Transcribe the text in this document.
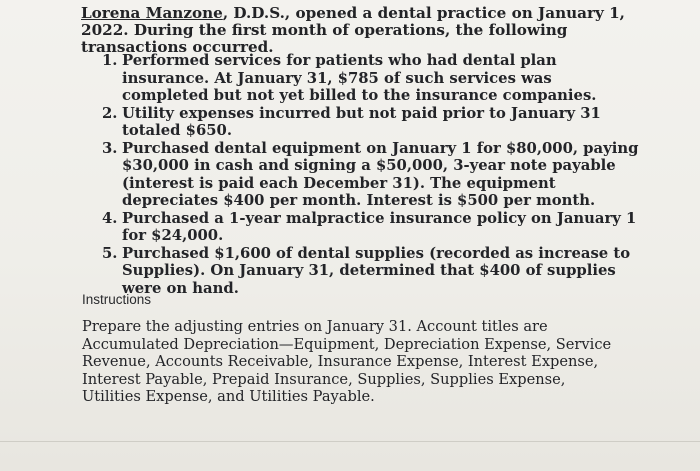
Lorena Manzone, D.D.S., opened a dental practice on January 1, 2022. During the first month of operations, the following transactions occurred.
1. Performed services for patients who had dental plan insurance. At January 31, $785 of such services was completed but not yet billed to the insurance companies.
2. Utility expenses incurred but not paid prior to January 31 totaled $650.
3. Purchased dental equipment on January 1 for $80,000, paying $30,000 in cash and signing a $50,000, 3-year note payable (interest is paid each December 31). The equipment depreciates $400 per month. Interest is $500 per month.
4. Purchased a 1-year malpractice insurance policy on January 1 for $24,000.
5. Purchased $1,600 of dental supplies (recorded as increase to Supplies). On January 31, determined that $400 of supplies were on hand.
Instructions
Prepare the adjusting entries on January 31. Account titles are Accumulated Depreciation—Equipment, Depreciation Expense, Service Revenue, Accounts Receivable, Insurance Expense, Interest Expense, Interest Payable, Prepaid Insurance, Supplies, Supplies Expense, Utilities Expense, and Utilities Payable.
